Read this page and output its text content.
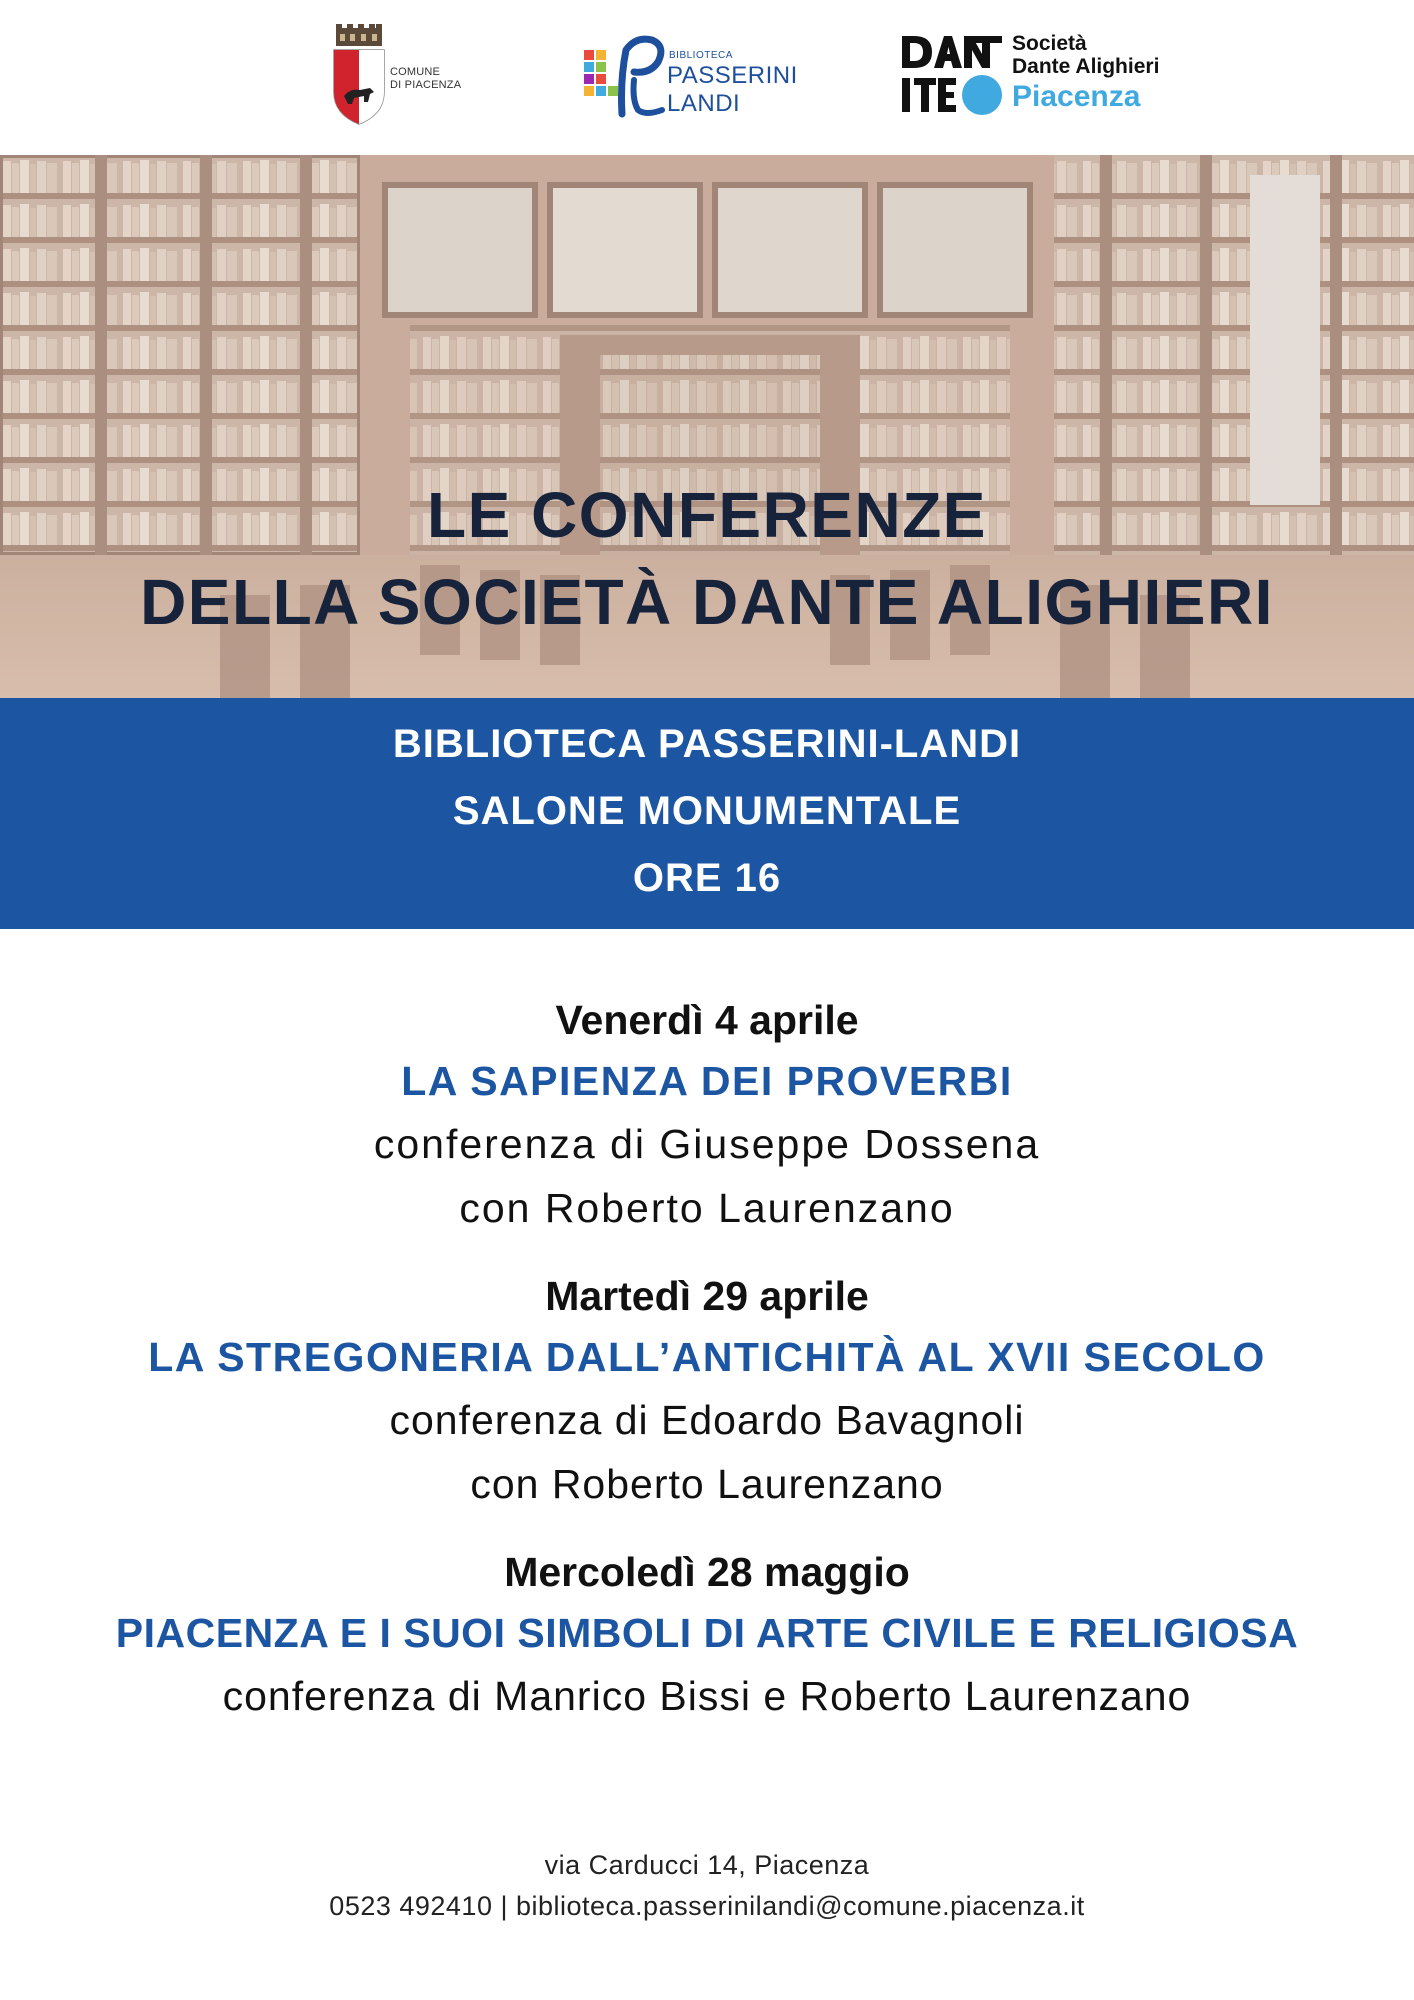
COMUNE
DI PIACENZA
BIBLIOTECA
PASSERINI
LANDI
Società
Dante Alighieri
Piacenza
LE CONFERENZE
DELLA SOCIETÀ DANTE ALIGHIERI
BIBLIOTECA PASSERINI-LANDI
SALONE MONUMENTALE
ORE 16
Venerdì 4 aprile
LA SAPIENZA DEI PROVERBI
conferenza di Giuseppe Dossena
con Roberto Laurenzano
Martedì 29 aprile
LA STREGONERIA DALL’ANTICHITÀ AL XVII SECOLO
conferenza di Edoardo Bavagnoli
con Roberto Laurenzano
Mercoledì 28 maggio
PIACENZA E I SUOI SIMBOLI DI ARTE CIVILE E RELIGIOSA
conferenza di Manrico Bissi e Roberto Laurenzano
via Carducci 14, Piacenza
0523 492410 | biblioteca.passerinilandi@comune.piacenza.it
